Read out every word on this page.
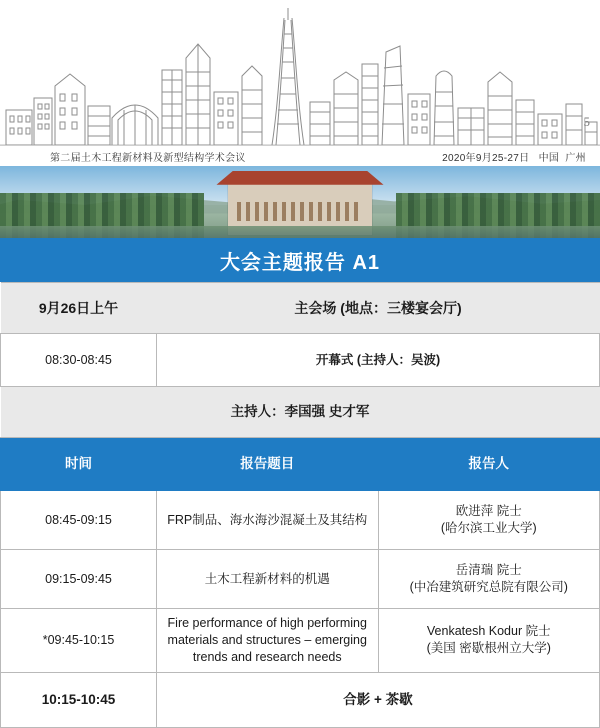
5
第二届土木工程新材料及新型结构学术会议	2020年9月25-27日   中国  广州
大会主题报告 A1
9月26日上午	主会场 (地点：三楼宴会厅)	
08:30-08:45	开幕式 (主持人：吴波)	
主持人：李国强 史才军		
时间	报告题目	报告人
08:45-09:15	FRP制品、海水海沙混凝土及其结构	欧进萍 院士
(哈尔滨工业大学)

09:15-09:45	土木工程新材料的机遇	岳清瑞 院士
(中冶建筑研究总院有限公司)

*09:45-10:15	Fire performance of high performing materials and structures – emerging trends and research needs	Venkatesh Kodur 院士
(美国 密歇根州立大学)

10:15-10:45	合影 + 茶歇	
